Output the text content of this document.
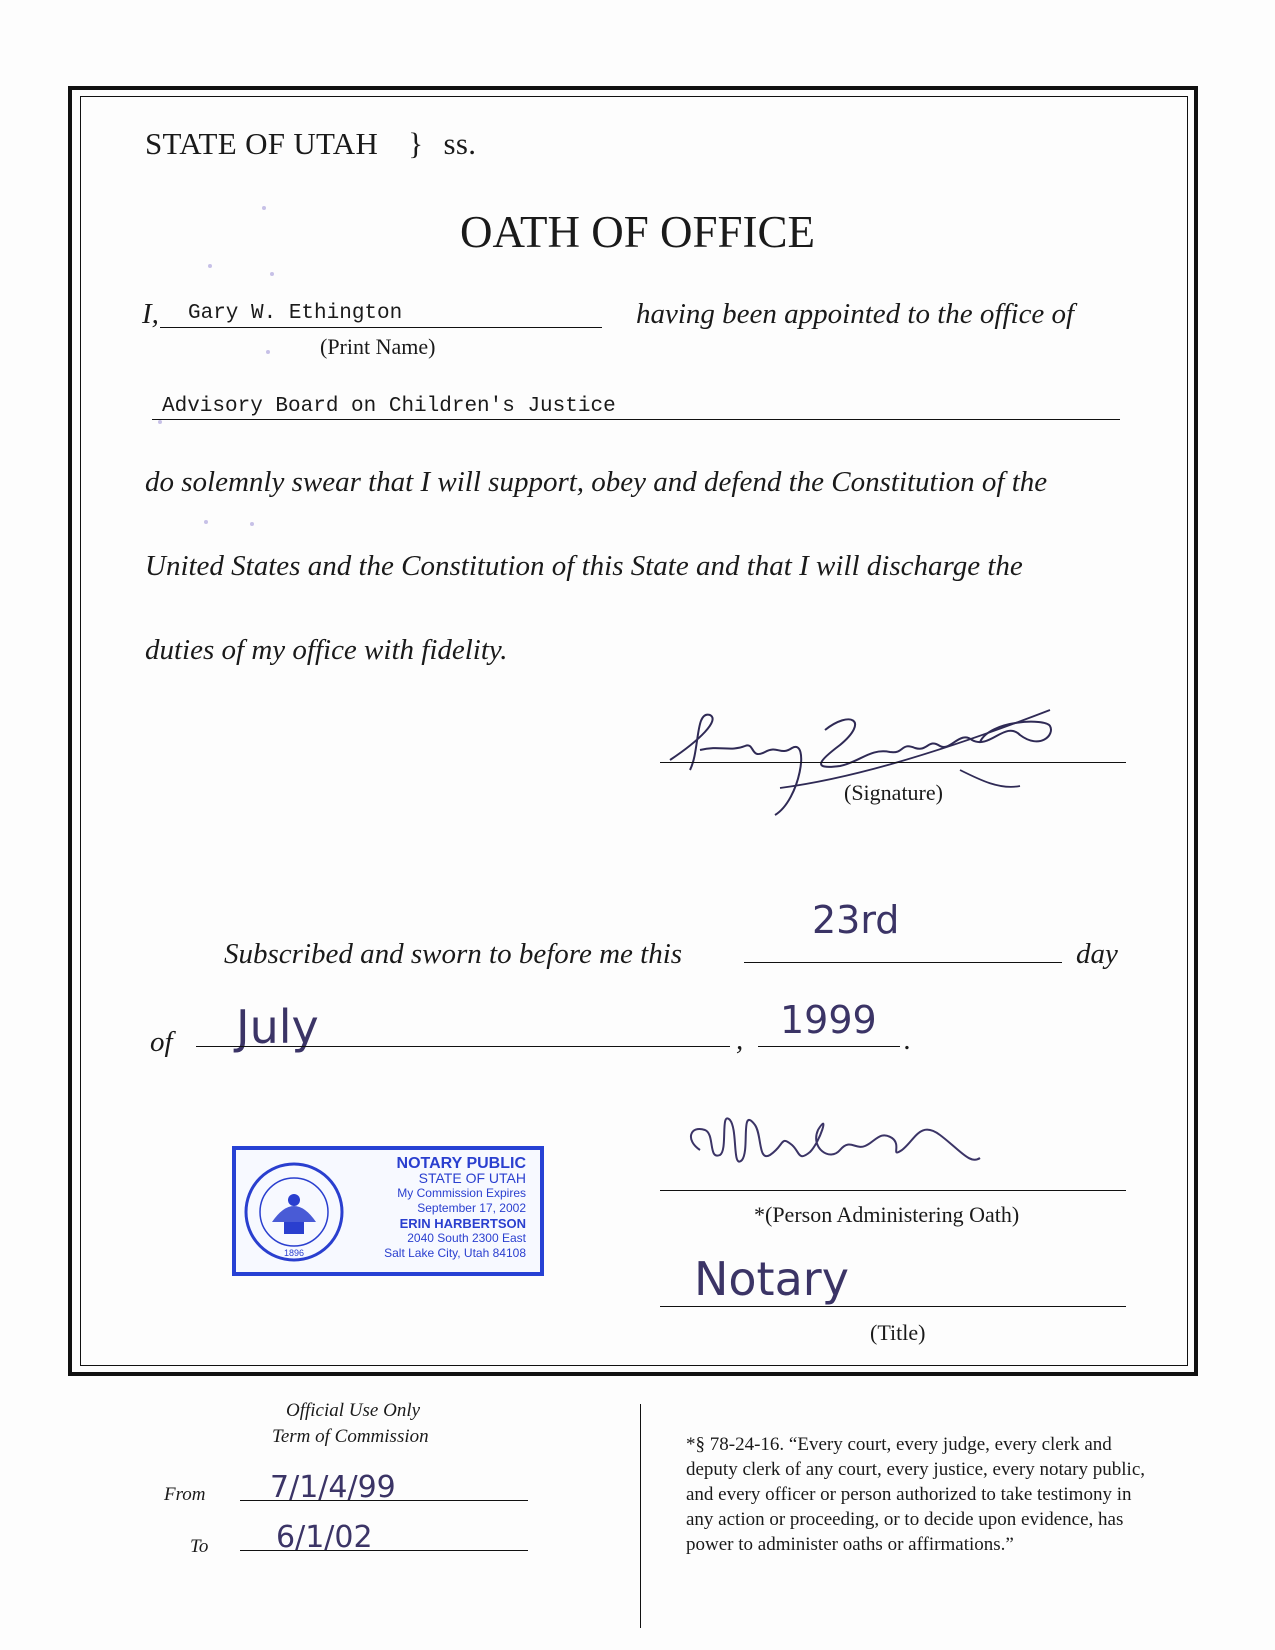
STATE OF UTAH } ss.
OATH OF OFFICE
I, Gary W. Ethington
(Print Name)
having been appointed to the office of
Advisory Board on Children's Justice
do solemnly swear that I will support, obey and defend the Constitution of the
United States and the Constitution of this State and that I will discharge the
duties of my office with fidelity.
(Signature)
Subscribed and sworn to before me this
23rd
day
of July	, 1999 .
1896
NOTARY PUBLIC
STATE OF UTAH
My Commission Expires
September 17, 2002
ERIN HARBERTSON
2040 South 2300 East
Salt Lake City, Utah 84108
*(Person Administering Oath)
Notary
(Title)
Official Use Only
Term of Commission
From 7/1/4/99
To 6/1/02
*§ 78-24-16. “Every court, every judge, every clerk and
deputy clerk of any court, every justice, every notary public,
and every officer or person authorized to take testimony in
any action or proceeding, or to decide upon evidence, has
power to administer oaths or affirmations.”
